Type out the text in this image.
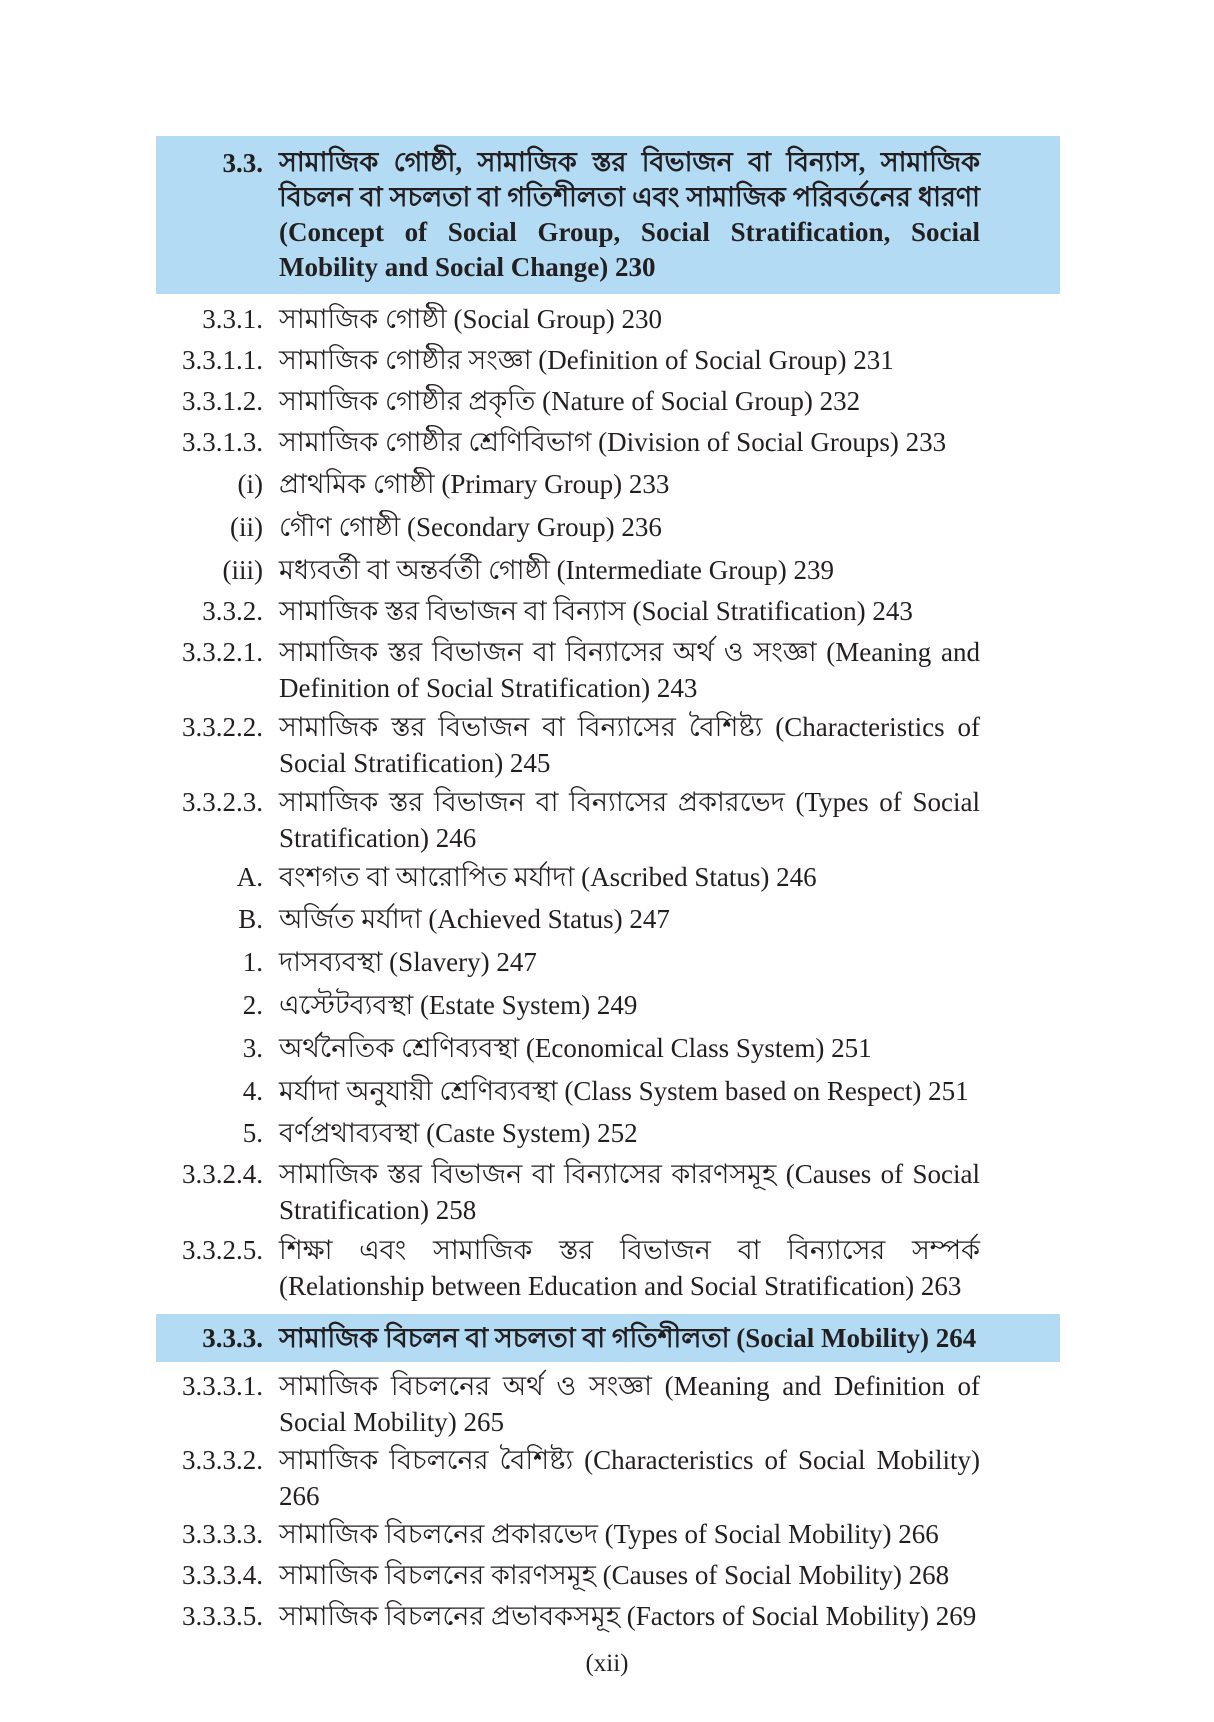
3.3. সামাজিক গোষ্ঠী, সামাজিক স্তর বিভাজন বা বিন্যাস, সামাজিক বিচলন বা সচলতা বা গতিশীলতা এবং সামাজিক পরিবর্তনের ধারণা (Concept of Social Group, Social Stratification, Social Mobility and Social Change) 230
3.3.1. সামাজিক গোষ্ঠী (Social Group) 230
3.3.1.1. সামাজিক গোষ্ঠীর সংজ্ঞা (Definition of Social Group) 231
3.3.1.2. সামাজিক গোষ্ঠীর প্রকৃতি (Nature of Social Group) 232
3.3.1.3. সামাজিক গোষ্ঠীর শ্রেণিবিভাগ (Division of Social Groups) 233
(i) প্রাথমিক গোষ্ঠী (Primary Group) 233
(ii) গৌণ গোষ্ঠী (Secondary Group) 236
(iii) মধ্যবর্তী বা অন্তর্বর্তী গোষ্ঠী (Intermediate Group) 239
3.3.2. সামাজিক স্তর বিভাজন বা বিন্যাস (Social Stratification) 243
3.3.2.1. সামাজিক স্তর বিভাজন বা বিন্যাসের অর্থ ও সংজ্ঞা (Meaning and Definition of Social Stratification) 243
3.3.2.2. সামাজিক স্তর বিভাজন বা বিন্যাসের বৈশিষ্ট্য (Characteristics of Social Stratification) 245
3.3.2.3. সামাজিক স্তর বিভাজন বা বিন্যাসের প্রকারভেদ (Types of Social Stratification) 246
A. বংশগত বা আরোপিত মর্যাদা (Ascribed Status) 246
B. অর্জিত মর্যাদা (Achieved Status) 247
1. দাসব্যবস্থা (Slavery) 247
2. এস্টেটব্যবস্থা (Estate System) 249
3. অর্থনৈতিক শ্রেণিব্যবস্থা (Economical Class System) 251
4. মর্যাদা অনুযায়ী শ্রেণিব্যবস্থা (Class System based on Respect) 251
5. বর্ণপ্রথাব্যবস্থা (Caste System) 252
3.3.2.4. সামাজিক স্তর বিভাজন বা বিন্যাসের কারণসমূহ (Causes of Social Stratification) 258
3.3.2.5. শিক্ষা এবং সামাজিক স্তর বিভাজন বা বিন্যাসের সম্পর্ক (Relationship between Education and Social Stratification) 263
3.3.3. সামাজিক বিচলন বা সচলতা বা গতিশীলতা (Social Mobility) 264
3.3.3.1. সামাজিক বিচলনের অর্থ ও সংজ্ঞা (Meaning and Definition of Social Mobility) 265
3.3.3.2. সামাজিক বিচলনের বৈশিষ্ট্য (Characteristics of Social Mobility) 266
3.3.3.3. সামাজিক বিচলনের প্রকারভেদ (Types of Social Mobility) 266
3.3.3.4. সামাজিক বিচলনের কারণসমূহ (Causes of Social Mobility) 268
3.3.3.5. সামাজিক বিচলনের প্রভাবকসমূহ (Factors of Social Mobility) 269
(xii)
